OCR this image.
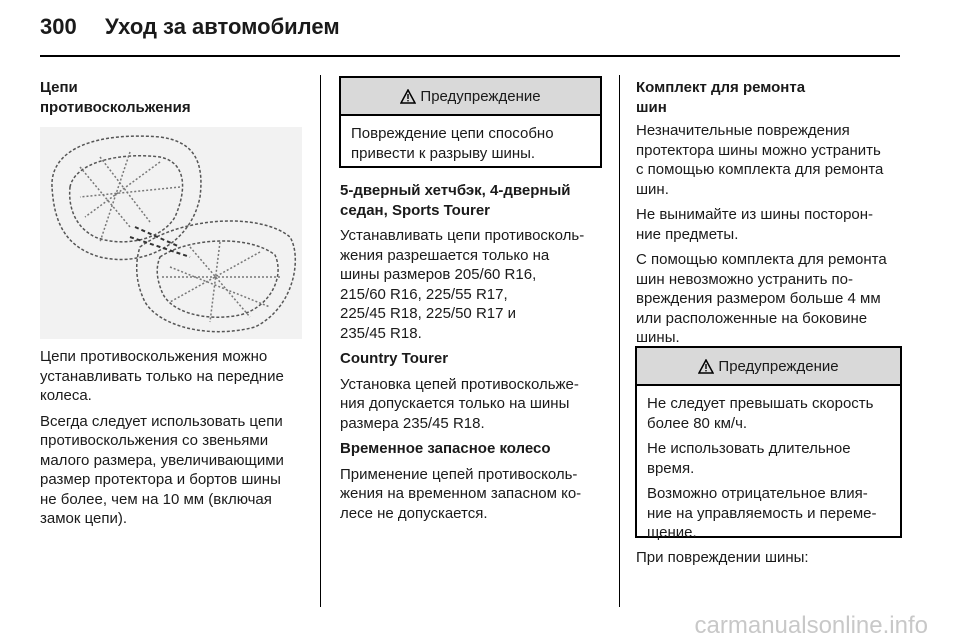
300 Уход за автомобилем

Цепи
противоскольжения

Цепи противоскольжения можно
устанавливать только на передние
колеса.

Всегда следует использовать цепи
противоскольжения со звеньями
малого размера, увеличивающими
размер протектора и бортов шины
не более, чем на 10 мм (включая
замок цепи).

Предупреждение

Повреждение цепи способно
привести к разрыву шины.

5-дверный хетчбэк, 4-дверный
седан, Sports Tourer

Устанавливать цепи противосколь-
жения разрешается только на
шины размеров 205/60 R16,
215/60 R16, 225/55 R17,
225/45 R18, 225/50 R17 и
235/45 R18.

Country Tourer

Установка цепей противоскольже-
ния допускается только на шины
размера 235/45 R18.

Временное запасное колесо

Применение цепей противосколь-
жения на временном запасном ко-
лесе не допускается.

Комплект для ремонта
шин

Незначительные повреждения
протектора шины можно устранить
с помощью комплекта для ремонта
шин.

Не вынимайте из шины посторон-
ние предметы.

С помощью комплекта для ремонта
шин невозможно устранить по-
вреждения размером больше 4 мм
или расположенные на боковине
шины.

Предупреждение

Не следует превышать скорость
более 80 км/ч.

Не использовать длительное
время.

Возможно отрицательное влия-
ние на управляемость и переме-
щение.

При повреждении шины:

carmanualsonline.info
